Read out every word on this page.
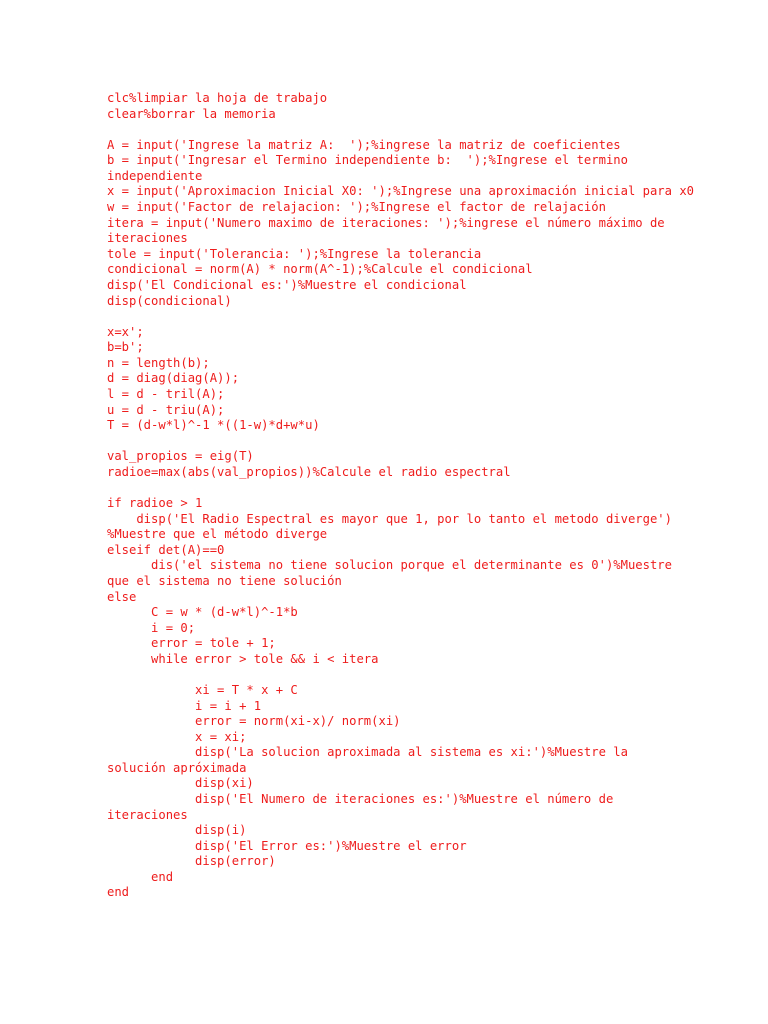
clc%limpiar la hoja de trabajo
clear%borrar la memoria
A = input('Ingrese la matriz A:  ');%ingrese la matriz de coeficientes
b = input('Ingresar el Termino independiente b:  ');%Ingrese el termino
independiente
x = input('Aproximacion Inicial X0: ');%Ingrese una aproximación inicial para x0
w = input('Factor de relajacion: ');%Ingrese el factor de relajación
itera = input('Numero maximo de iteraciones: ');%ingrese el número máximo de
iteraciones
tole = input('Tolerancia: ');%Ingrese la tolerancia
condicional = norm(A) * norm(A^-1);%Calcule el condicional
disp('El Condicional es:')%Muestre el condicional
disp(condicional)
x=x';
b=b';
n = length(b);
d = diag(diag(A));
l = d - tril(A);
u = d - triu(A);
T = (d-w*l)^-1 *((1-w)*d+w*u)
val_propios = eig(T)
radioe=max(abs(val_propios))%Calcule el radio espectral
if radioe > 1
disp('El Radio Espectral es mayor que 1, por lo tanto el metodo diverge')
%Muestre que el método diverge
elseif det(A)==0
dis('el sistema no tiene solucion porque el determinante es 0')%Muestre
que el sistema no tiene solución
else
C = w * (d-w*l)^-1*b
i = 0;
error = tole + 1;
while error > tole && i < itera
xi = T * x + C
i = i + 1
error = norm(xi-x)/ norm(xi)
x = xi;
disp('La solucion aproximada al sistema es xi:')%Muestre la
solución apróximada
disp(xi)
disp('El Numero de iteraciones es:')%Muestre el número de
iteraciones
disp(i)
disp('El Error es:')%Muestre el error
disp(error)
end
end
